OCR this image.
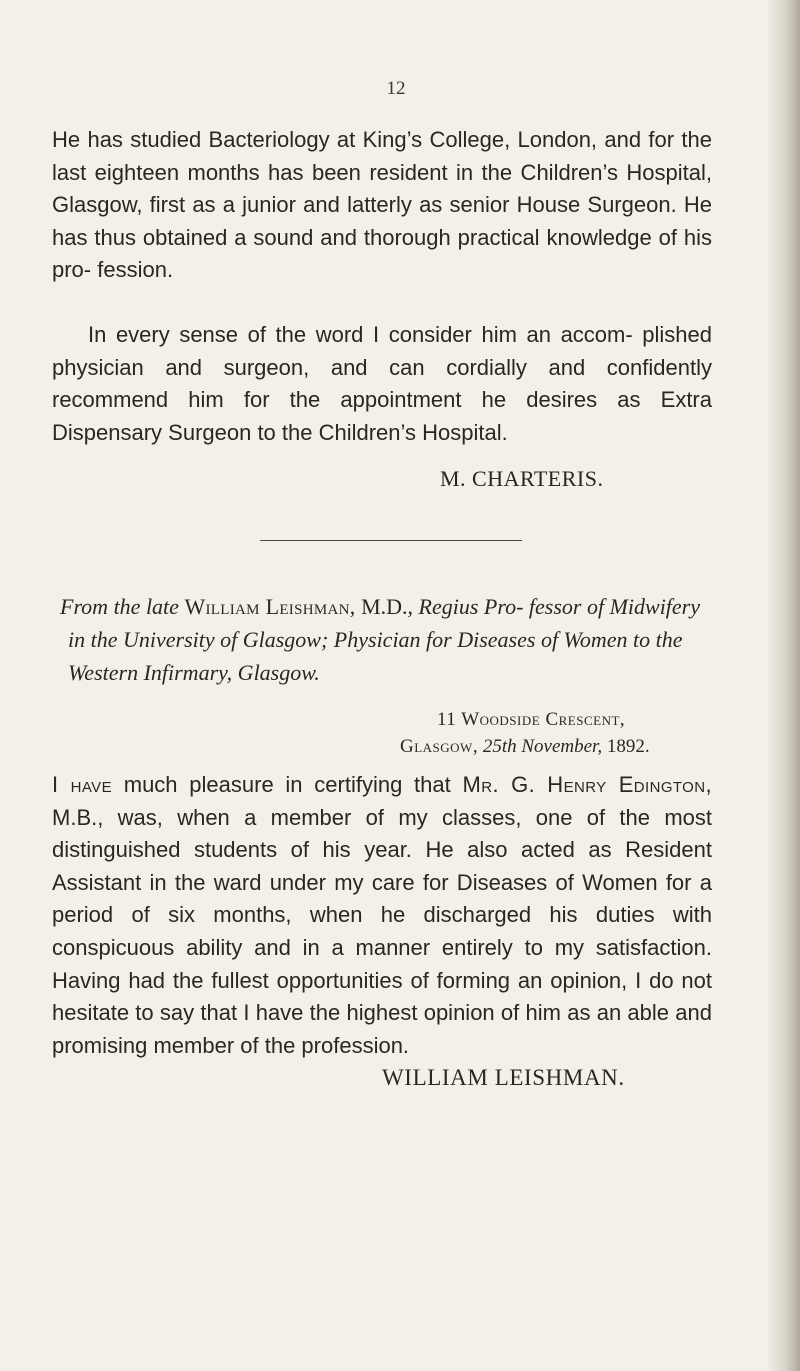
12

He has studied Bacteriology at King’s College, London, and for the last eighteen months has been resident in the Children’s Hospital, Glasgow, first as a junior and latterly as senior House Surgeon. He has thus obtained a sound and thorough practical knowledge of his pro- fession.

In every sense of the word I consider him an accom- plished physician and surgeon, and can cordially and confidently recommend him for the appointment he desires as Extra Dispensary Surgeon to the Children’s Hospital.

M. CHARTERIS.

From the late William Leishman, M.D., Regius Pro- fessor of Midwifery in the University of Glasgow; Physician for Diseases of Women to the Western Infirmary, Glasgow.

11 Woodside Crescent,
Glasgow, 25th November, 1892.

I have much pleasure in certifying that Mr. G. Henry Edington, M.B., was, when a member of my classes, one of the most distinguished students of his year. He also acted as Resident Assistant in the ward under my care for Diseases of Women for a period of six months, when he discharged his duties with conspicuous ability and in a manner entirely to my satisfaction. Having had the fullest opportunities of forming an opinion, I do not hesitate to say that I have the highest opinion of him as an able and promising member of the profession.

WILLIAM LEISHMAN.
